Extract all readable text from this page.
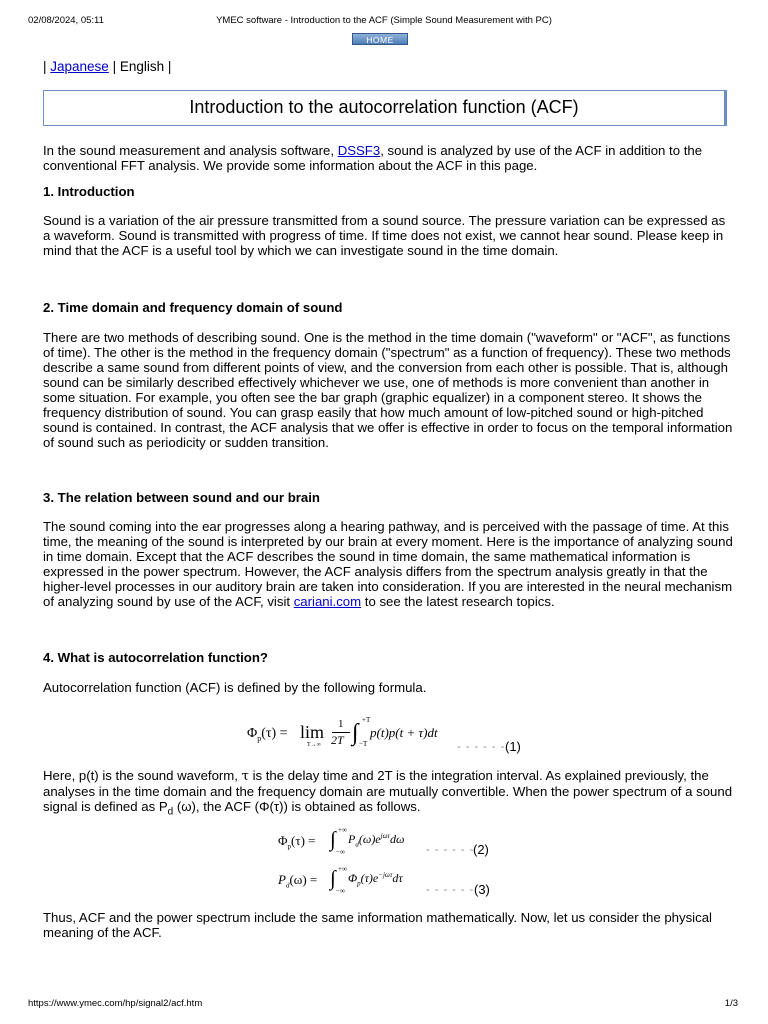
02/08/2024, 05:11	YMEC software - Introduction to the ACF (Simple Sound Measurement with PC)
HOME
| Japanese | English |
Introduction to the autocorrelation function (ACF)

In the sound measurement and analysis software, DSSF3, sound is analyzed by use of the ACF in addition to the conventional FFT analysis. We provide some information about the ACF in this page.

1. Introduction

Sound is a variation of the air pressure transmitted from a sound source. The pressure variation can be expressed as a waveform. Sound is transmitted with progress of time. If time does not exist, we cannot hear sound. Please keep in mind that the ACF is a useful tool by which we can investigate sound in the time domain.

2. Time domain and frequency domain of sound

There are two methods of describing sound. One is the method in the time domain ("waveform" or "ACF", as functions of time). The other is the method in the frequency domain ("spectrum" as a function of frequency). These two methods describe a same sound from different points of view, and the conversion from each other is possible. That is, although sound can be similarly described effectively whichever we use, one of methods is more convenient than another in some situation. For example, you often see the bar graph (graphic equalizer) in a component stereo. It shows the frequency distribution of sound. You can grasp easily that how much amount of low-pitched sound or high-pitched sound is contained. In contrast, the ACF analysis that we offer is effective in order to focus on the temporal information of sound such as periodicity or sudden transition.

3. The relation between sound and our brain

The sound coming into the ear progresses along a hearing pathway, and is perceived with the passage of time. At this time, the meaning of the sound is interpreted by our brain at every moment. Here is the importance of analyzing sound in time domain. Except that the ACF describes the sound in time domain, the same mathematical information is expressed in the power spectrum. However, the ACF analysis differs from the spectrum analysis greatly in that the higher-level processes in our auditory brain are taken into consideration. If you are interested in the neural mechanism of analyzing sound by use of the ACF, visit cariani.com to see the latest research topics.

4. What is autocorrelation function?

Autocorrelation function (ACF) is defined by the following formula.

$\Phi_p(\tau) = \lim$
T→∞
1
2T ∫ +T
−T
p(t)p(t + τ)dt
- - - - - - (1)

Here, p(t) is the sound waveform, τ is the delay time and 2T is the integration interval. As explained previously, the analyses in the time domain and the frequency domain are mutually convertible. When the power spectrum of a sound signal is defined as $P_d$ (ω), the ACF (Φ(τ)) is obtained as follows.

$\Phi_p(\tau)$ = ∫ +∞
−∞
$P_d(\omega)e^{j\omega\tau}d\omega$
- - - - - -
(2)
$P_d(\omega)$ = ∫ +∞
−∞
$\Phi_p(\tau)e^{-j\omega\tau}d\tau$
- - - - - - (3)

Thus, ACF and the power spectrum include the same information mathematically. Now, let us consider the physical meaning of the ACF.

https://www.ymec.com/hp/signal2/acf.htm	1/3
